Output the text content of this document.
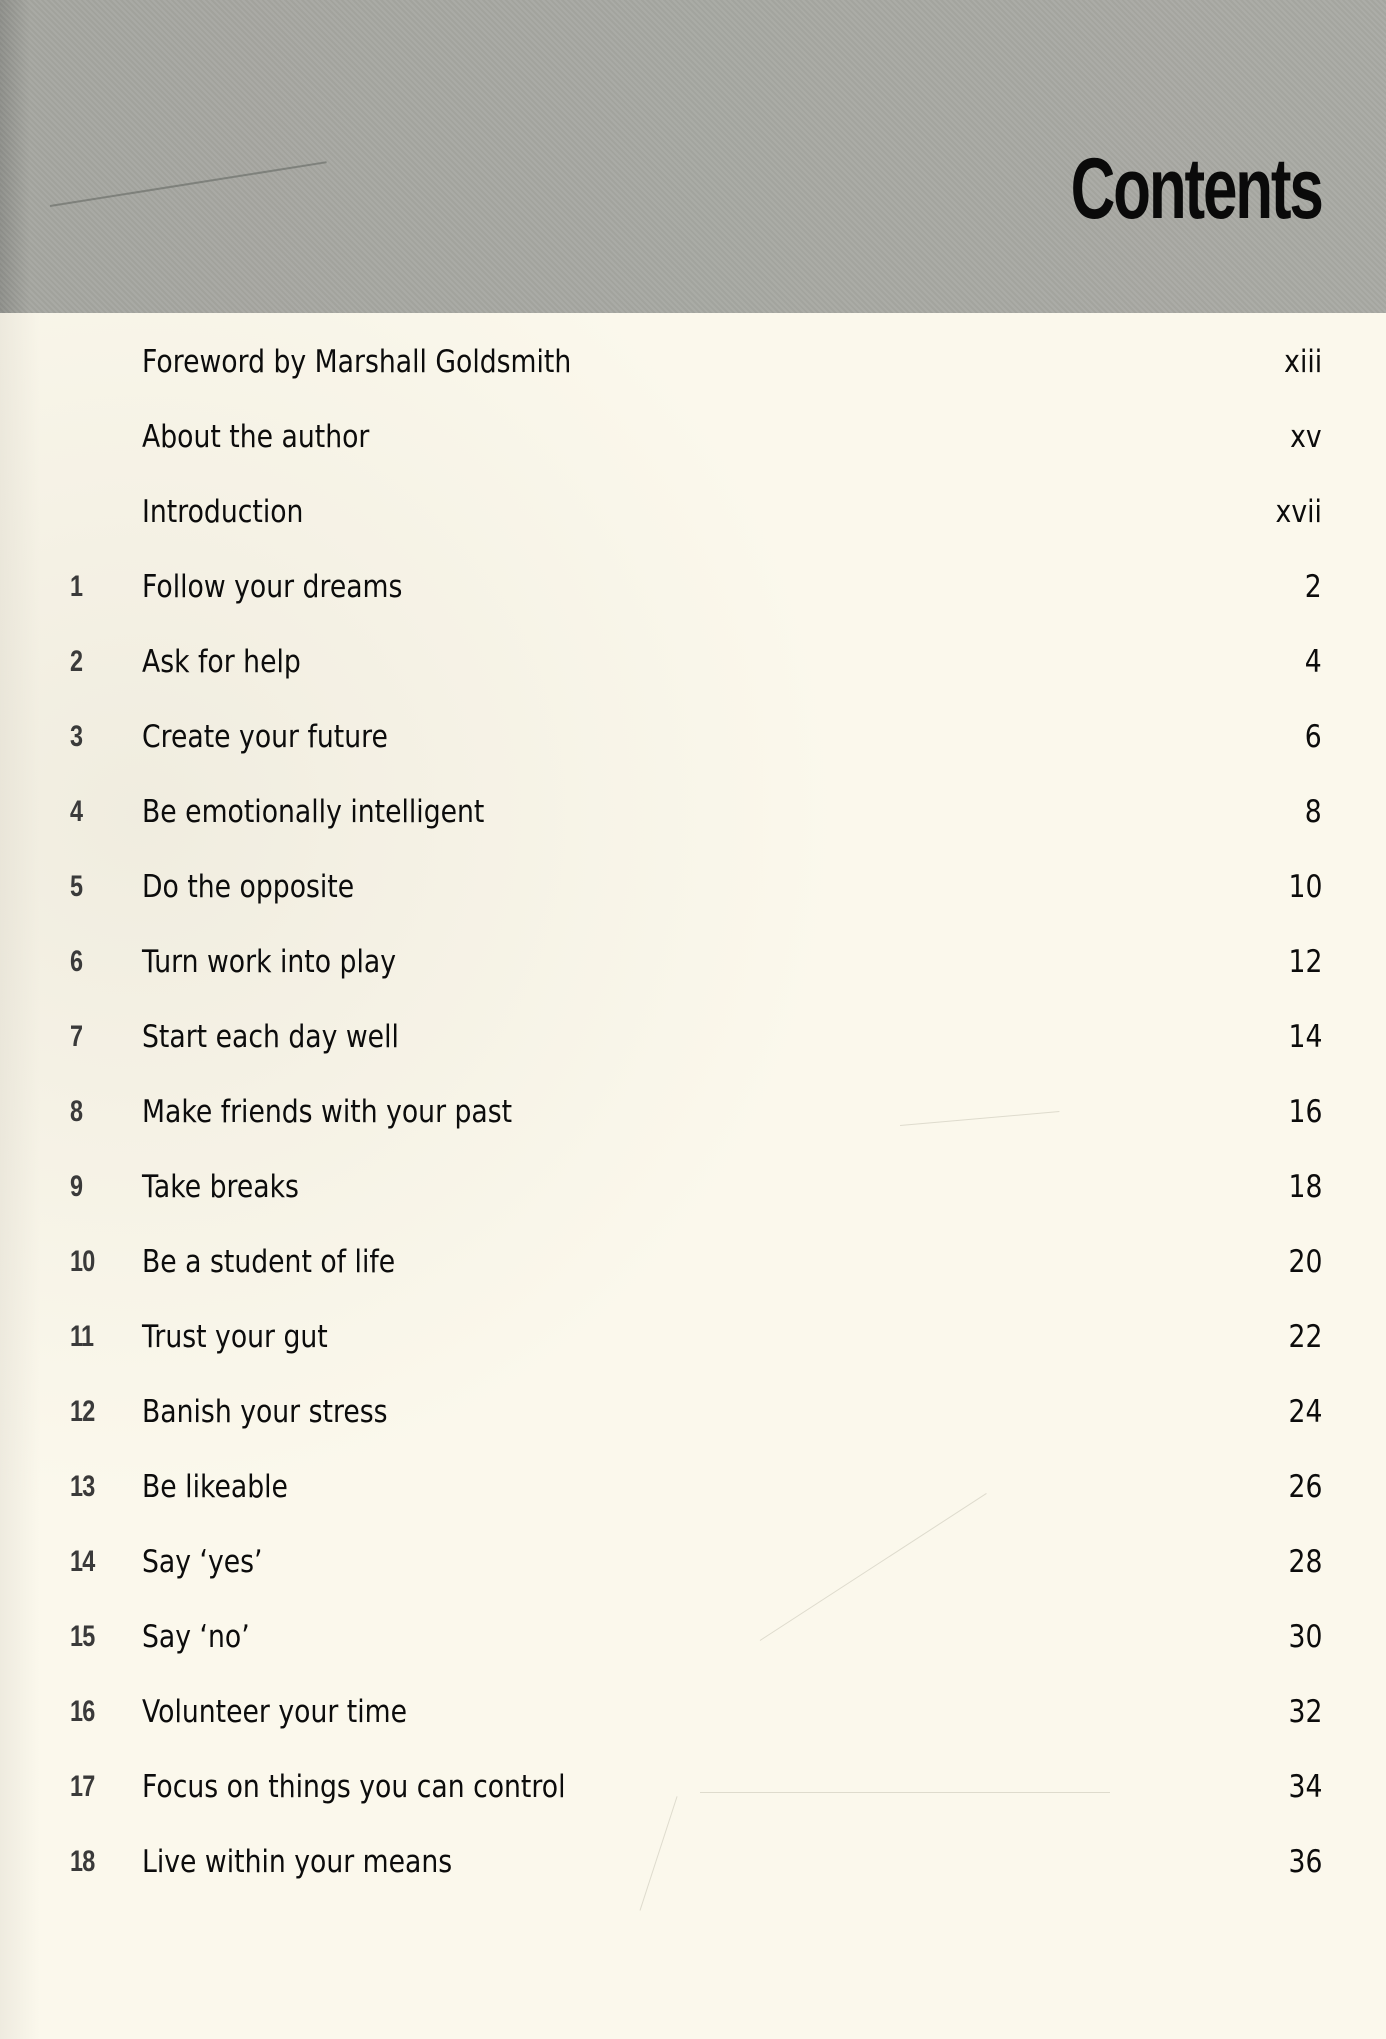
Contents
Foreword by Marshall Goldsmith	xiii
About the author	xv
Introduction	xvii
1	Follow your dreams	2
2	Ask for help	4
3	Create your future	6
4	Be emotionally intelligent	8
5	Do the opposite	10
6	Turn work into play	12
7	Start each day well	14
8	Make friends with your past	16
9	Take breaks	18
10 Be a student of life	20
11 Trust your gut	22
12 Banish your stress	24
13 Be likeable	26
14 Say ‘yes’	28
15 Say ‘no’	30
16 Volunteer your time	32
17 Focus on things you can control	34
18 Live within your means	36
